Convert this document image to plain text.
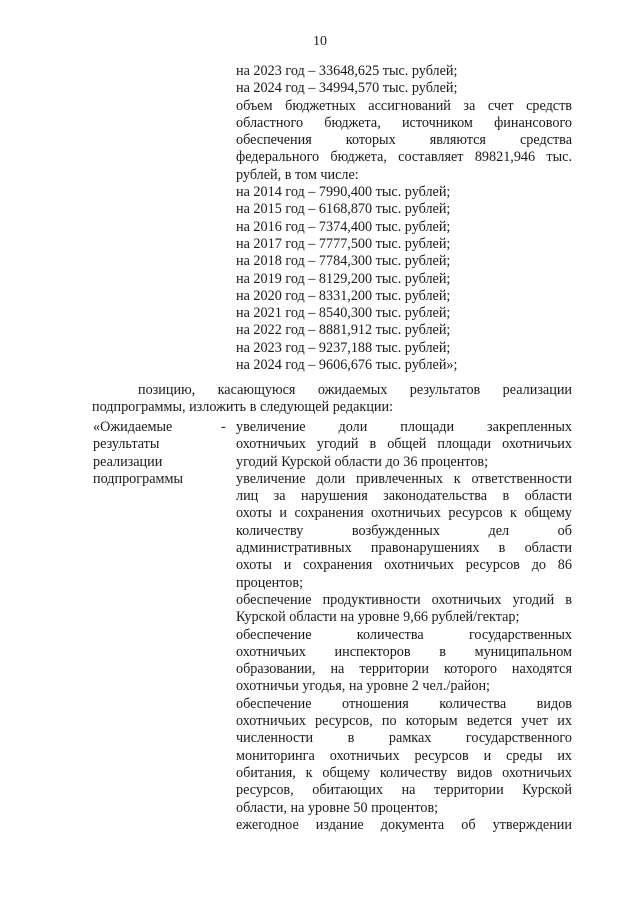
10
на 2023 год – 33648,625 тыс. рублей;
на 2024 год – 34994,570 тыс. рублей;
объем бюджетных ассигнований за счет средств
областного бюджета, источником финансового
обеспечения которых являются средства
федерального бюджета, составляет 89821,946 тыс.
рублей, в том числе:
на 2014 год – 7990,400 тыс. рублей;
на 2015 год – 6168,870 тыс. рублей;
на 2016 год – 7374,400 тыс. рублей;
на 2017 год – 7777,500 тыс. рублей;
на 2018 год – 7784,300 тыс. рублей;
на 2019 год – 8129,200 тыс. рублей;
на 2020 год – 8331,200 тыс. рублей;
на 2021 год – 8540,300 тыс. рублей;
на 2022 год – 8881,912 тыс. рублей;
на 2023 год – 9237,188 тыс. рублей;
на 2024 год – 9606,676 тыс. рублей»;
позицию, касающуюся ожидаемых результатов реализации
подпрограммы, изложить в следующей редакции:
«Ожидаемые
результаты
реализации
подпрограммы
- увеличение доли площади закрепленных
охотничьих угодий в общей площади охотничьих
угодий Курской области до 36 процентов;
увеличение доли привлеченных к ответственности
лиц за нарушения законодательства в области
охоты и сохранения охотничьих ресурсов к общему
количеству возбужденных дел об
административных правонарушениях в области
охоты и сохранения охотничьих ресурсов до 86
процентов;
обеспечение продуктивности охотничьих угодий в
Курской области на уровне 9,66 рублей/гектар;
обеспечение количества государственных
охотничьих инспекторов в муниципальном
образовании, на территории которого находятся
охотничьи угодья, на уровне 2 чел./район;
обеспечение отношения количества видов
охотничьих ресурсов, по которым ведется учет их
численности в рамках государственного
мониторинга охотничьих ресурсов и среды их
обитания, к общему количеству видов охотничьих
ресурсов, обитающих на территории Курской
области, на уровне 50 процентов;
ежегодное издание документа об утверждении
